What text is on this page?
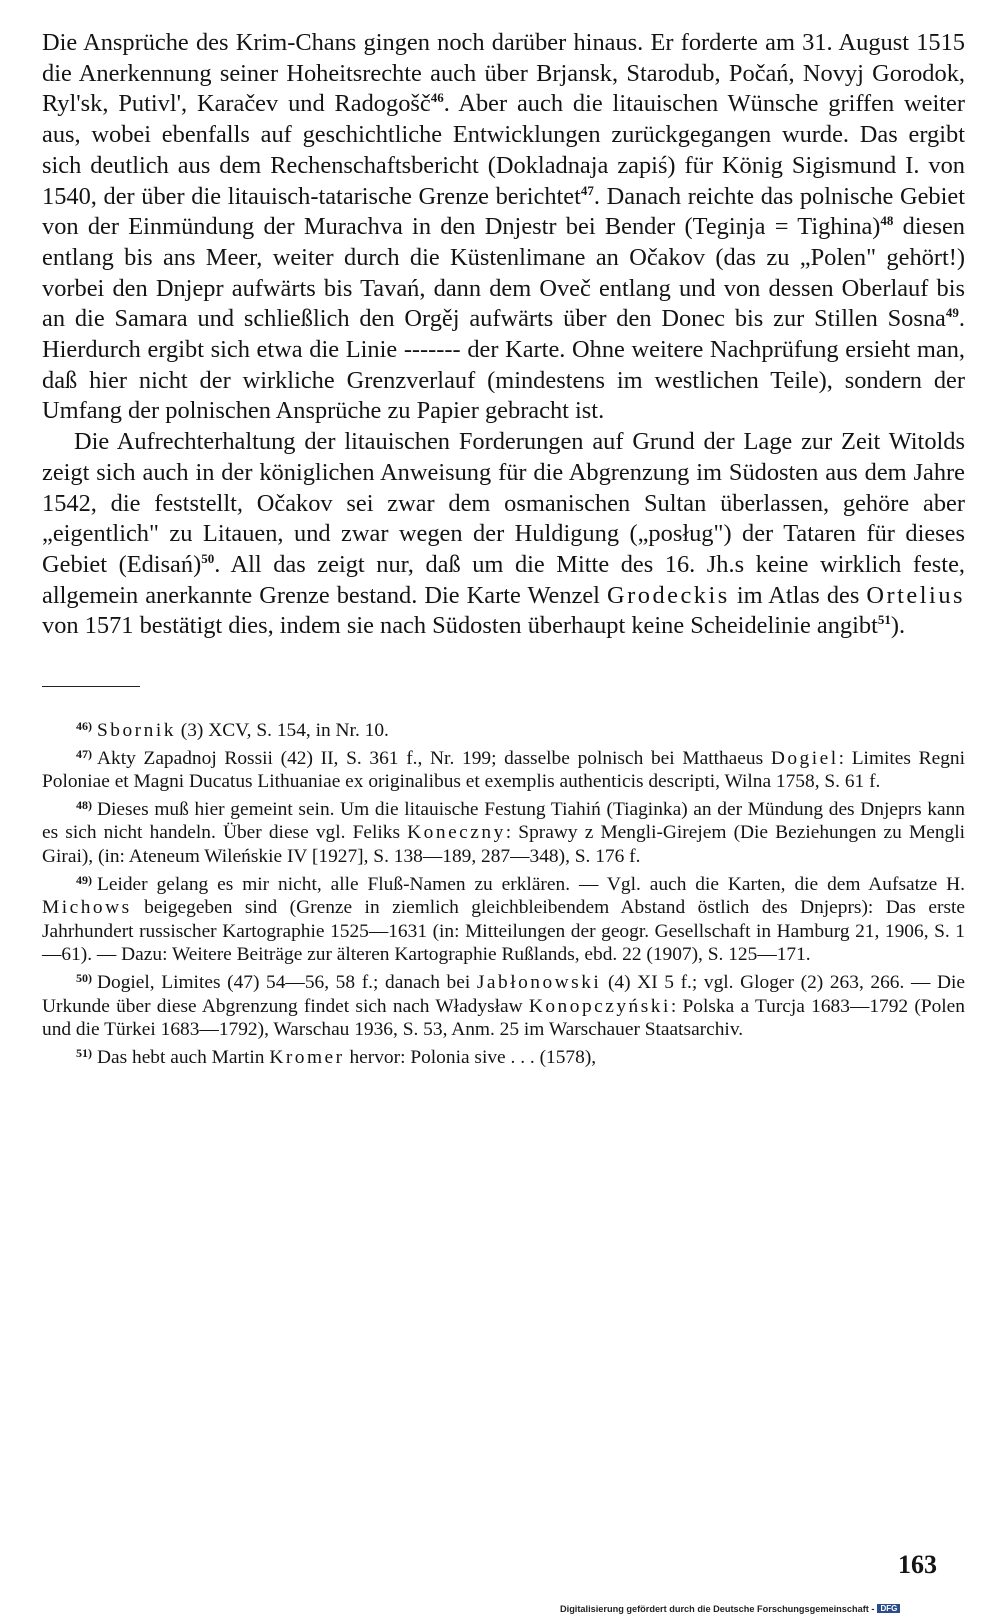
Die Ansprüche des Krim-Chans gingen noch darüber hinaus. Er forderte am 31. August 1515 die Anerkennung seiner Hoheitsrechte auch über Brjansk, Starodub, Počań, Novyj Gorodok, Ryl'sk, Putivl', Karačev und Radogošč$^{46}$. Aber auch die litauischen Wünsche griffen weiter aus, wobei ebenfalls auf geschichtliche Entwicklungen zurückgegangen wurde. Das ergibt sich deutlich aus dem Rechenschaftsbericht (Dokladnaja zapiś) für König Sigismund I. von 1540, der über die litauisch-tatarische Grenze berichtet$^{47}$. Danach reichte das polnische Gebiet von der Einmündung der Murachva in den Dnjestr bei Bender (Teginja = Tighina)$^{48}$ diesen entlang bis ans Meer, weiter durch die Küstenlimane an Očakov (das zu „Polen" gehört!) vorbei den Dnjepr aufwärts bis Tavań, dann dem Oveč entlang und von dessen Oberlauf bis an die Samara und schließlich den Orgěj aufwärts über den Donec bis zur Stillen Sosna$^{49}$. Hierdurch ergibt sich etwa die Linie ------- der Karte. Ohne weitere Nachprüfung ersieht man, daß hier nicht der wirkliche Grenzverlauf (mindestens im westlichen Teile), sondern der Umfang der polnischen Ansprüche zu Papier gebracht ist.

Die Aufrechterhaltung der litauischen Forderungen auf Grund der Lage zur Zeit Witolds zeigt sich auch in der königlichen Anweisung für die Abgrenzung im Südosten aus dem Jahre 1542, die feststellt, Očakov sei zwar dem osmanischen Sultan überlassen, gehöre aber „eigentlich" zu Litauen, und zwar wegen der Huldigung („posług") der Tataren für dieses Gebiet (Edisań)$^{50}$. All das zeigt nur, daß um die Mitte des 16. Jh.s keine wirklich feste, allgemein anerkannte Grenze bestand. Die Karte Wenzel Grodeckis im Atlas des Ortelius von 1571 bestätigt dies, indem sie nach Südosten überhaupt keine Scheidelinie angibt$^{51}$).

$^{46)}$ Sbornik (3) XCV, S. 154, in Nr. 10.

$^{47)}$ Akty Zapadnoj Rossii (42) II, S. 361 f., Nr. 199; dasselbe polnisch bei Matthaeus Dogiel: Limites Regni Poloniae et Magni Ducatus Lithuaniae ex originalibus et exemplis authenticis descripti, Wilna 1758, S. 61 f.

$^{48)}$ Dieses muß hier gemeint sein. Um die litauische Festung Tiahiń (Tiaginka) an der Mündung des Dnjeprs kann es sich nicht handeln. Über diese vgl. Feliks Koneczny: Sprawy z Mengli-Girejem (Die Beziehungen zu Mengli Girai), (in: Ateneum Wileńskie IV [1927], S. 138—189, 287—348), S. 176 f.

$^{49)}$ Leider gelang es mir nicht, alle Fluß-Namen zu erklären. — Vgl. auch die Karten, die dem Aufsatze H. Michows beigegeben sind (Grenze in ziemlich gleichbleibendem Abstand östlich des Dnjeprs): Das erste Jahrhundert russischer Kartographie 1525—1631 (in: Mitteilungen der geogr. Gesellschaft in Hamburg 21, 1906, S. 1—61). — Dazu: Weitere Beiträge zur älteren Kartographie Rußlands, ebd. 22 (1907), S. 125—171.

$^{50)}$ Dogiel, Limites (47) 54—56, 58 f.; danach bei Jabłonowski (4) XI 5 f.; vgl. Gloger (2) 263, 266. — Die Urkunde über diese Abgrenzung findet sich nach Władysław Konopczyński: Polska a Turcja 1683—1792 (Polen und die Türkei 1683—1792), Warschau 1936, S. 53, Anm. 25 im Warschauer Staatsarchiv.

$^{51)}$ Das hebt auch Martin Kromer hervor: Polonia sive . . . (1578),

163
Digitalisierung gefördert durch die Deutsche Forschungsgemeinschaft - DFG
